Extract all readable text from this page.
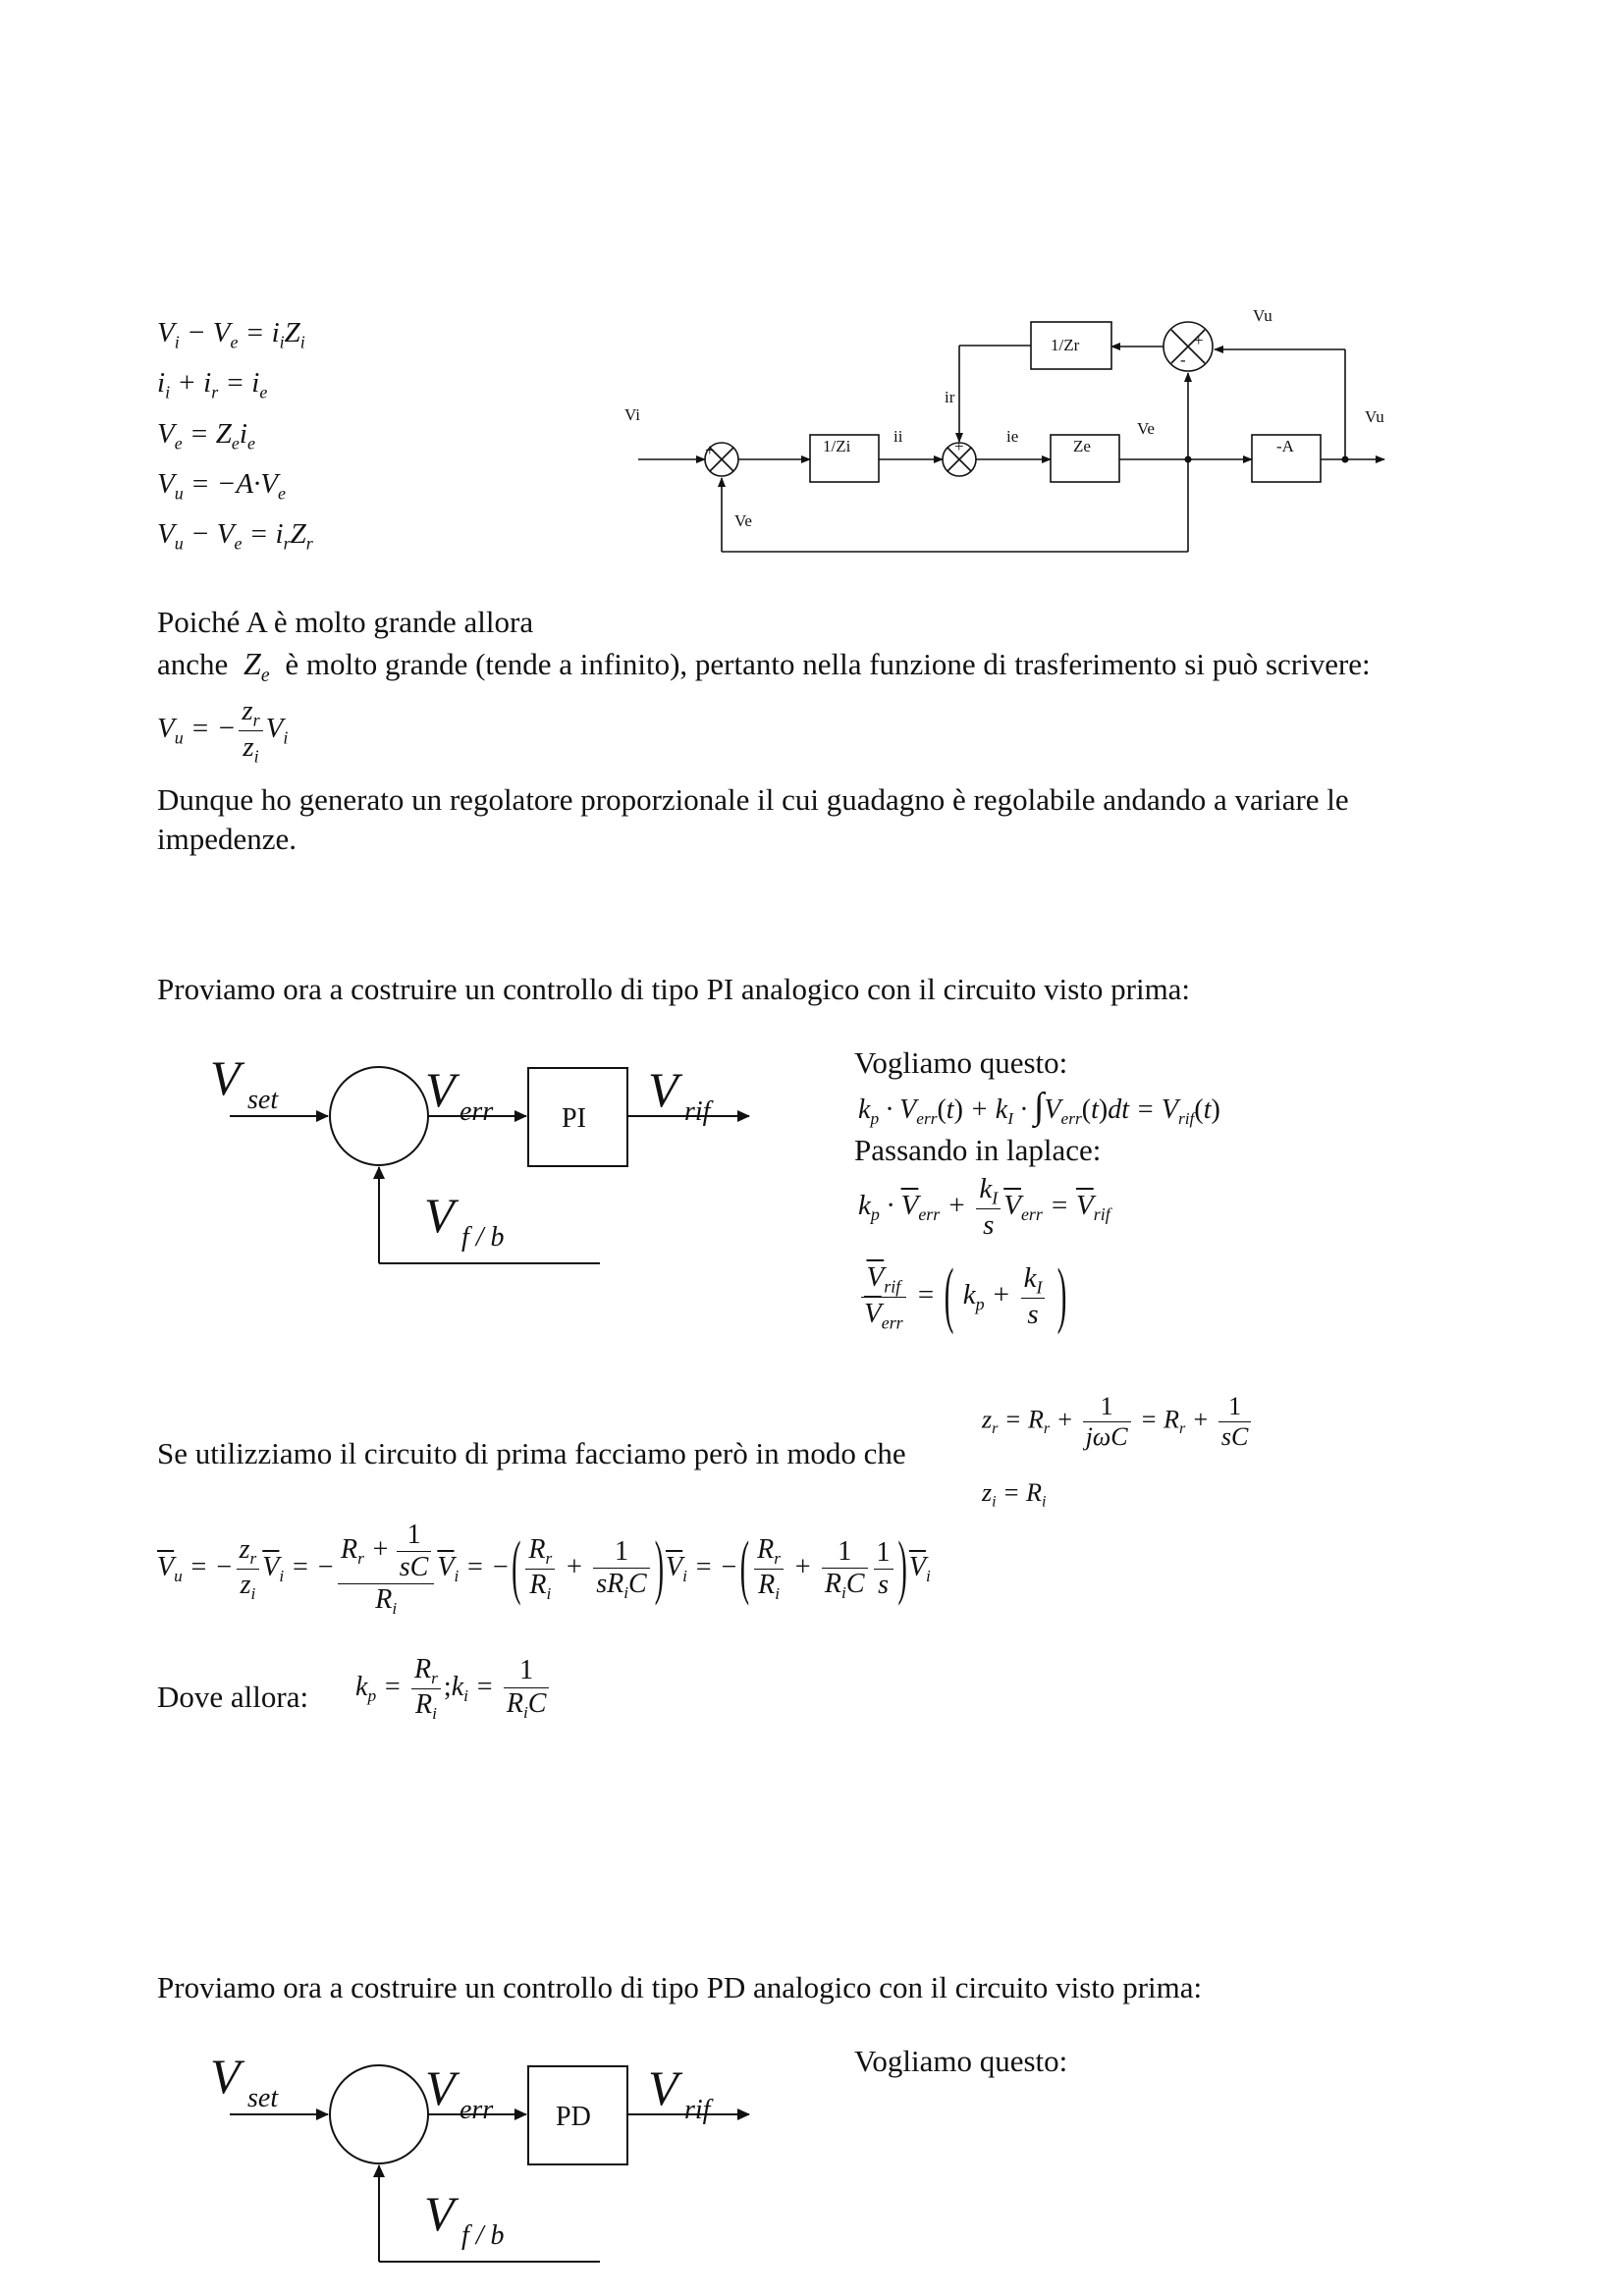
$V_i - V_e = i_iZ_i$
$i_i + i_r = i_e$
$V_e = Z_ei_e$
$V_u = -A\cdot V_e$
$V_u - V_e = i_rZ_r$
Vi
1/Zi
ii
ir
ie
Ze
Ve
-A
Vu
1/Zr
Vu
Ve
+	+
+
-
Poiché A è molto grande allora
anche  $Z_e$ è molto grande (tende a infinito), pertanto nella funzione di trasferimento si può scrivere:
$V_u$ = − $\frac{z_r}{z_i} V_i$
Dunque ho generato un regolatore proporzionale il cui guadagno è regolabile andando a variare le
impedenze.
Proviamo ora a costruire un controllo di tipo PI analogico con il circuito visto prima:
V set	V err PI
V rif
V f / b
Vogliamo questo:
$k_p \cdot V_{err}(t) + k_I \cdot \int V_{err}(t)dt = V_{rif}(t)$
Passando in laplace:
$k_p \cdot \overline{V}_{err} + \frac{k_I}{s} \overline{V}_{err} = \overline{V}_{rif}$
$\frac{\overline{V}_{rif}}{\overline{V}_{err}}$ = ( $k_p + \frac{k_I}{s}$ )
Se utilizziamo il circuito di prima facciamo però in modo che
$z_r = R_r + \frac{1}{\text{jωC}} = R_r + \frac{1}{sC}$
$z_i = R_i$
$\overline{V}_u$ = − $\frac{z_r}{z_i} \overline{V}_i$ = − $\frac{R_r + \frac{1}{sC}}{R_i} \overline{V}_i$ = −( $\frac{R_r}{R_i} + \frac{1}{sR_iC} )\overline{V}_i$ = −( $\frac{R_r}{R_i} + \frac{1}{R_iC} \frac{1}{s} )\overline{V}_i$
Dove allora: $k_p = \frac{R_r}{R_i}$ $;k_i = \frac{1}{R_iC}$
Proviamo ora a costruire un controllo di tipo PD analogico con il circuito visto prima:
V set	V err PD
V rif
V f / b
Vogliamo questo:
